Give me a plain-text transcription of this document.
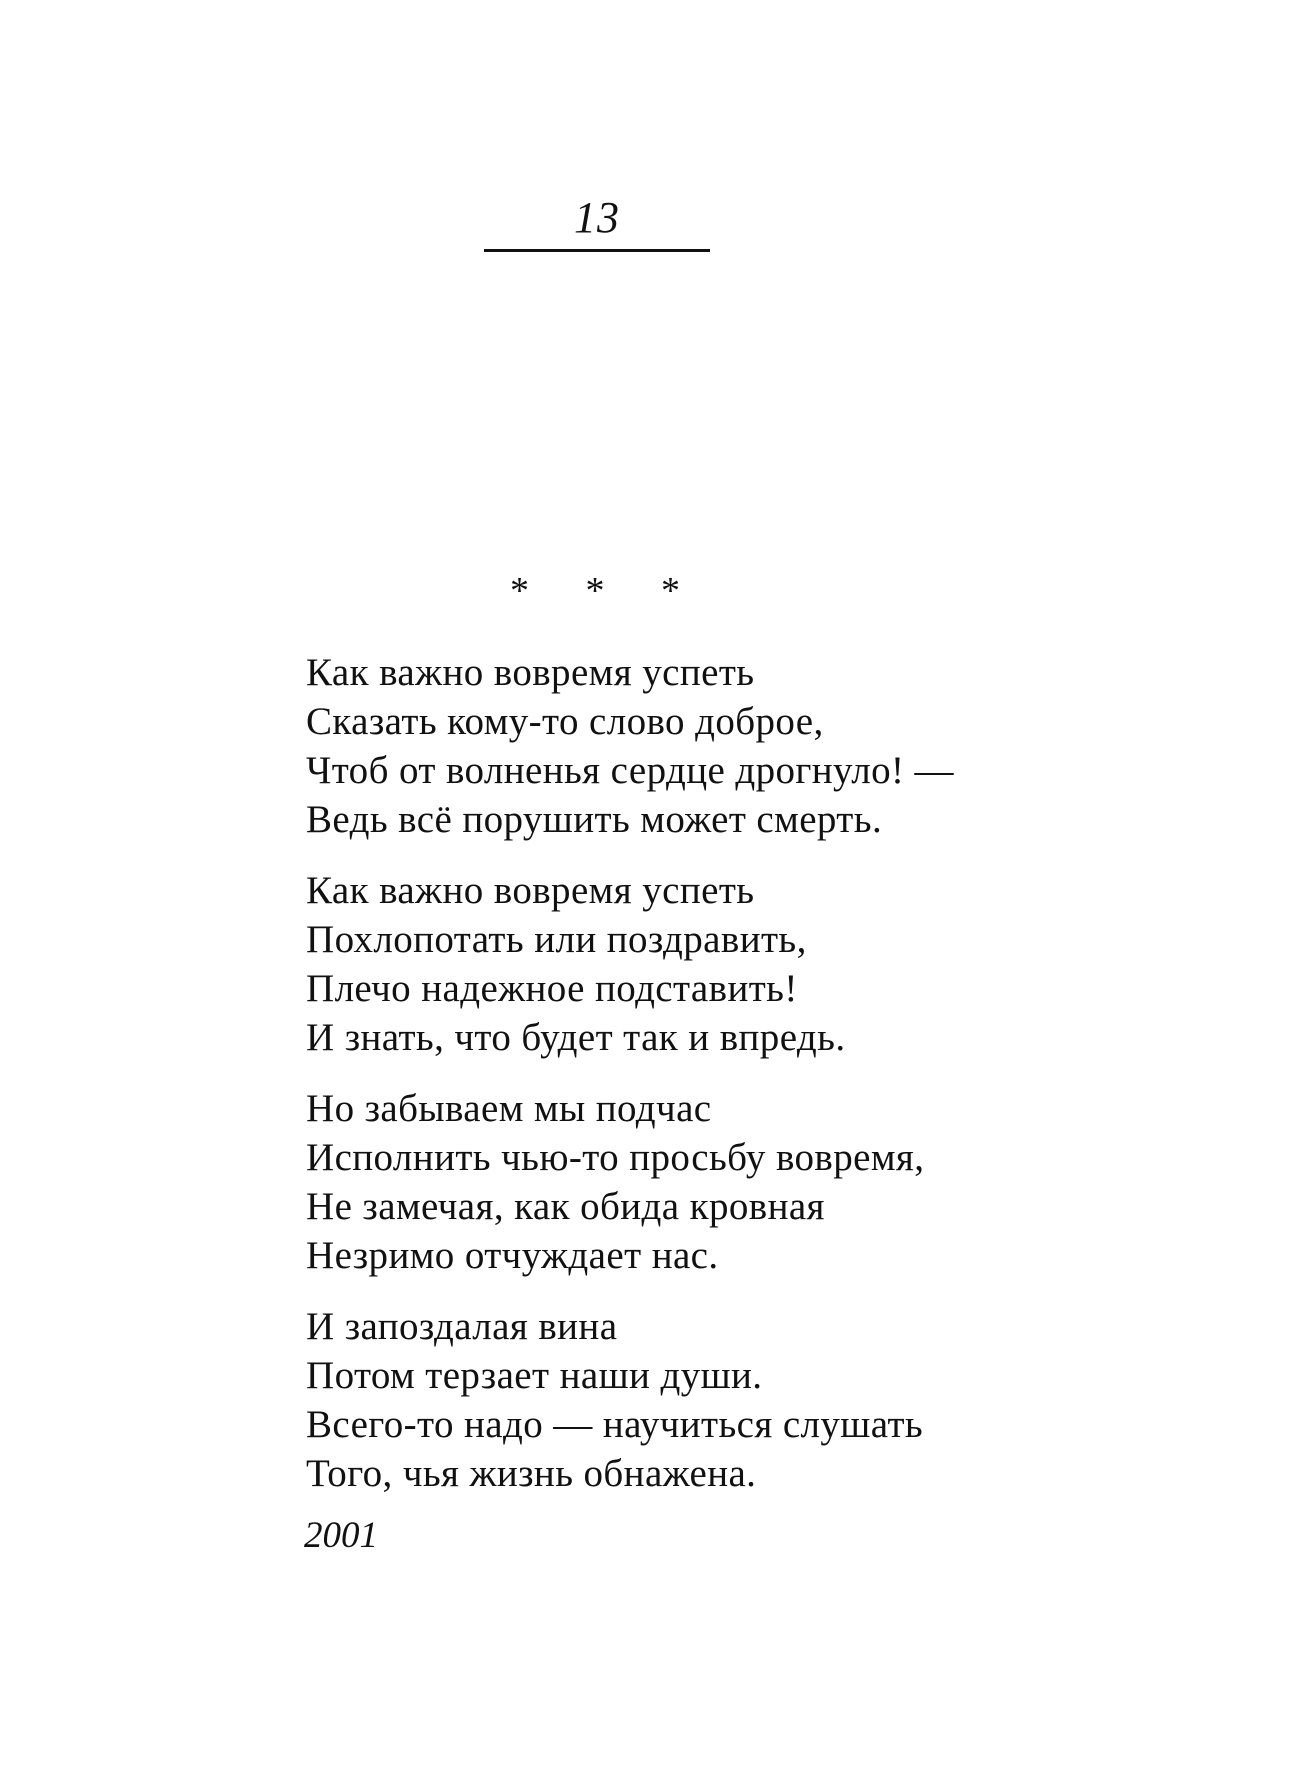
13
* * *
Как важно вовремя успеть
Сказать кому-то слово доброе,
Чтоб от волненья сердце дрогнуло! —
Ведь всё порушить может смерть.
Как важно вовремя успеть
Похлопотать или поздравить,
Плечо надежное подставить!
И знать, что будет так и впредь.
Но забываем мы подчас
Исполнить чью-то просьбу вовремя,
Не замечая, как обида кровная
Незримо отчуждает нас.
И запоздалая вина
Потом терзает наши души.
Всего-то надо — научиться слушать
Того, чья жизнь обнажена.
2001
